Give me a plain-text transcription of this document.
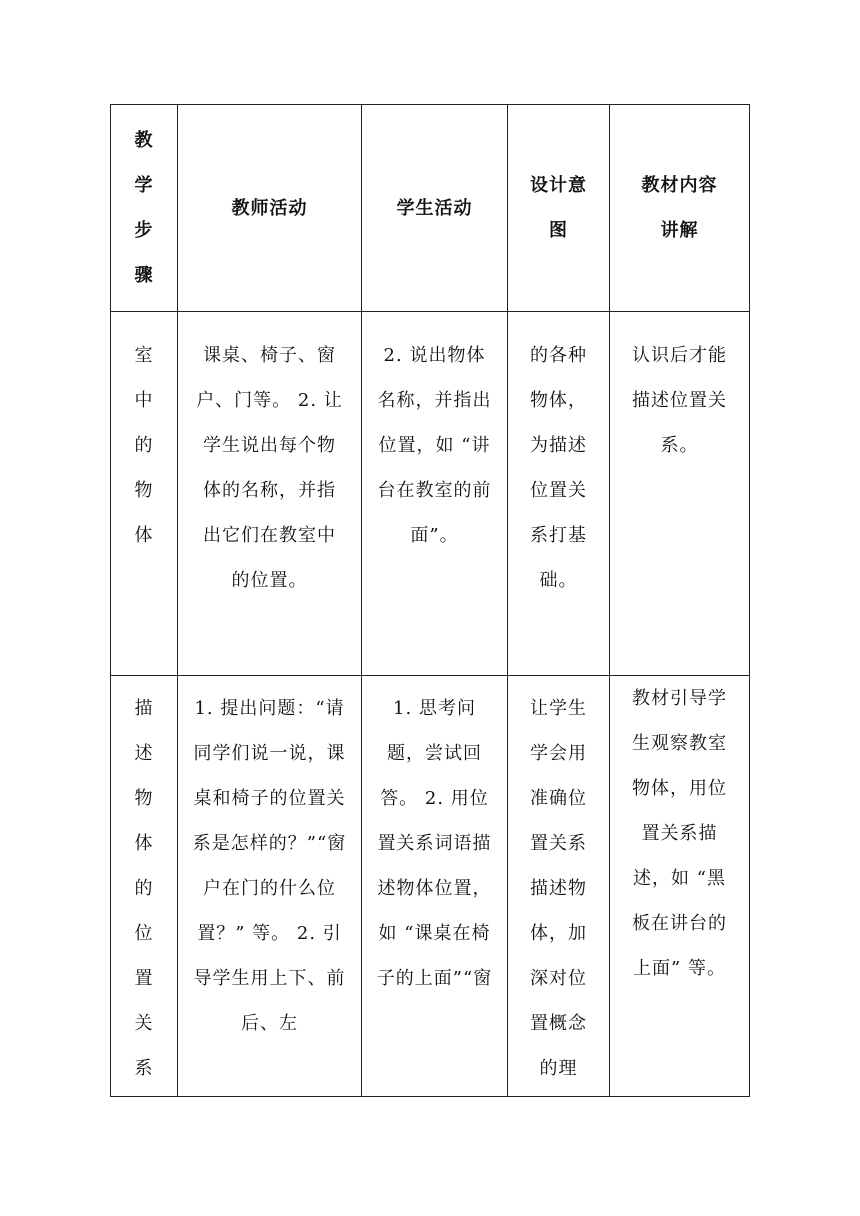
教学步骤	教师活动	学生活动	设计意图	教材内容讲解

室中的物体	课桌、椅子、窗户、门等。 2. 让学生说出每个物体的名称，并指出它们在教室中的位置。	2. 说出物体名称，并指出位置，如 “讲台在教室的前面”。	的各种物体，为描述位置关系打基础。	认识后才能描述位置关系。

描述物体的位置关系	1. 提出问题：“请同学们说一说，课桌和椅子的位置关系是怎样的？”“窗户在门的什么位置？” 等。 2. 引导学生用上下、前后、左	1. 思考问题，尝试回答。 2. 用位置关系词语描述物体位置，如 “课桌在椅子的上面”“窗	让学生学会用准确位置关系描述物体，加深对位置概念的理	教材引导学生观察教室物体，用位置关系描述，如 “黑板在讲台的上面” 等。
